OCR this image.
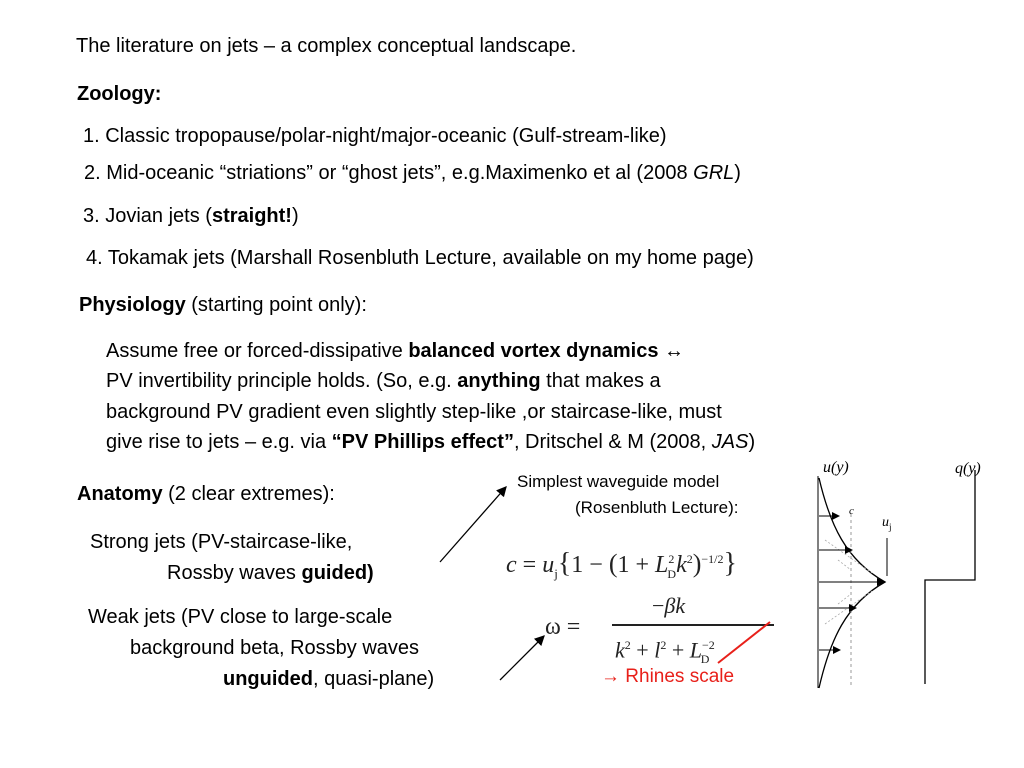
The literature on jets – a complex conceptual landscape.
Zoology:
1. Classic tropopause/polar-night/major-oceanic (Gulf-stream-like)
2. Mid-oceanic “striations” or “ghost jets”, e.g.Maximenko et al (2008 GRL)
3. Jovian jets (straight!)
4. Tokamak jets (Marshall Rosenbluth Lecture, available on my home page)
Physiology (starting point only):
Assume free or forced-dissipative balanced vortex dynamics ↔
PV invertibility principle holds. (So, e.g. anything that makes a
background PV gradient even slightly step-like ,or staircase-like, must
give rise to jets – e.g. via “PV Phillips effect”, Dritschel & M (2008, JAS)
Anatomy (2 clear extremes):
Strong jets (PV-staircase-like,
Rossby waves guided)
Weak jets (PV close to large-scale
background beta, Rossby waves
unguided, quasi-plane)
Simplest waveguide model
(Rosenbluth Lecture):
$c = u_j\{1 - (1 + L^2_Dk^2)^{-1/2}\}$
ω =
−βk
$k^2 + l^2 + L^{-2}_D$
→ Rhines scale
u(y)	q(y)
c
$u_j$
